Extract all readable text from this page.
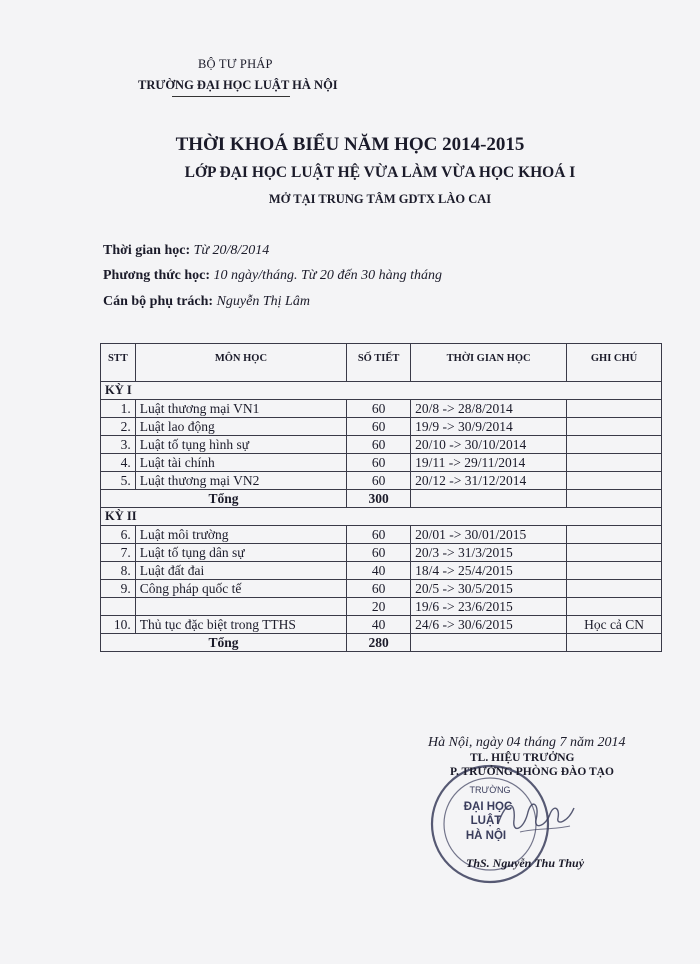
BỘ TƯ PHÁP
TRƯỜNG ĐẠI HỌC LUẬT HÀ NỘI
THỜI KHOÁ BIỂU NĂM HỌC 2014-2015
LỚP ĐẠI HỌC LUẬT HỆ VỪA LÀM VỪA HỌC KHOÁ I
MỞ TẠI TRUNG TÂM GDTX LÀO CAI
Thời gian học: Từ 20/8/2014
Phương thức học: 10 ngày/tháng. Từ 20 đến 30 hàng tháng
Cán bộ phụ trách: Nguyễn Thị Lâm
STT	MÔN HỌC	SỐ TIẾT	THỜI GIAN HỌC	GHI CHÚ
KỲ I				
1.	Luật thương mại VN1	60	20/8 -> 28/8/2014	
2.	Luật lao động	60	19/9 -> 30/9/2014	
3.	Luật tố tụng hình sự	60	20/10 -> 30/10/2014	
4.	Luật tài chính	60	19/11 -> 29/11/2014	
5.	Luật thương mại VN2	60	20/12 -> 31/12/2014	
Tổng		300		
KỲ II				
6.	Luật môi trường	60	20/01 -> 30/01/2015	
7.	Luật tố tụng dân sự	60	20/3 -> 31/3/2015	
8.	Luật đất đai	40	18/4 -> 25/4/2015	
9.	Công pháp quốc tế	60	20/5 -> 30/5/2015	
		20	19/6 -> 23/6/2015	
10.	Thủ tục đặc biệt trong TTHS	40	24/6 -> 30/6/2015	Học cả CN
Tổng		280		
Hà Nội, ngày 04 tháng 7 năm 2014
TRƯỜNG
ĐẠI HỌC
LUẬT
HÀ NỘI
TL. HIỆU TRƯỞNG
P. TRƯỞNG PHÒNG ĐÀO TẠO
ThS. Nguyễn Thu Thuỷ
